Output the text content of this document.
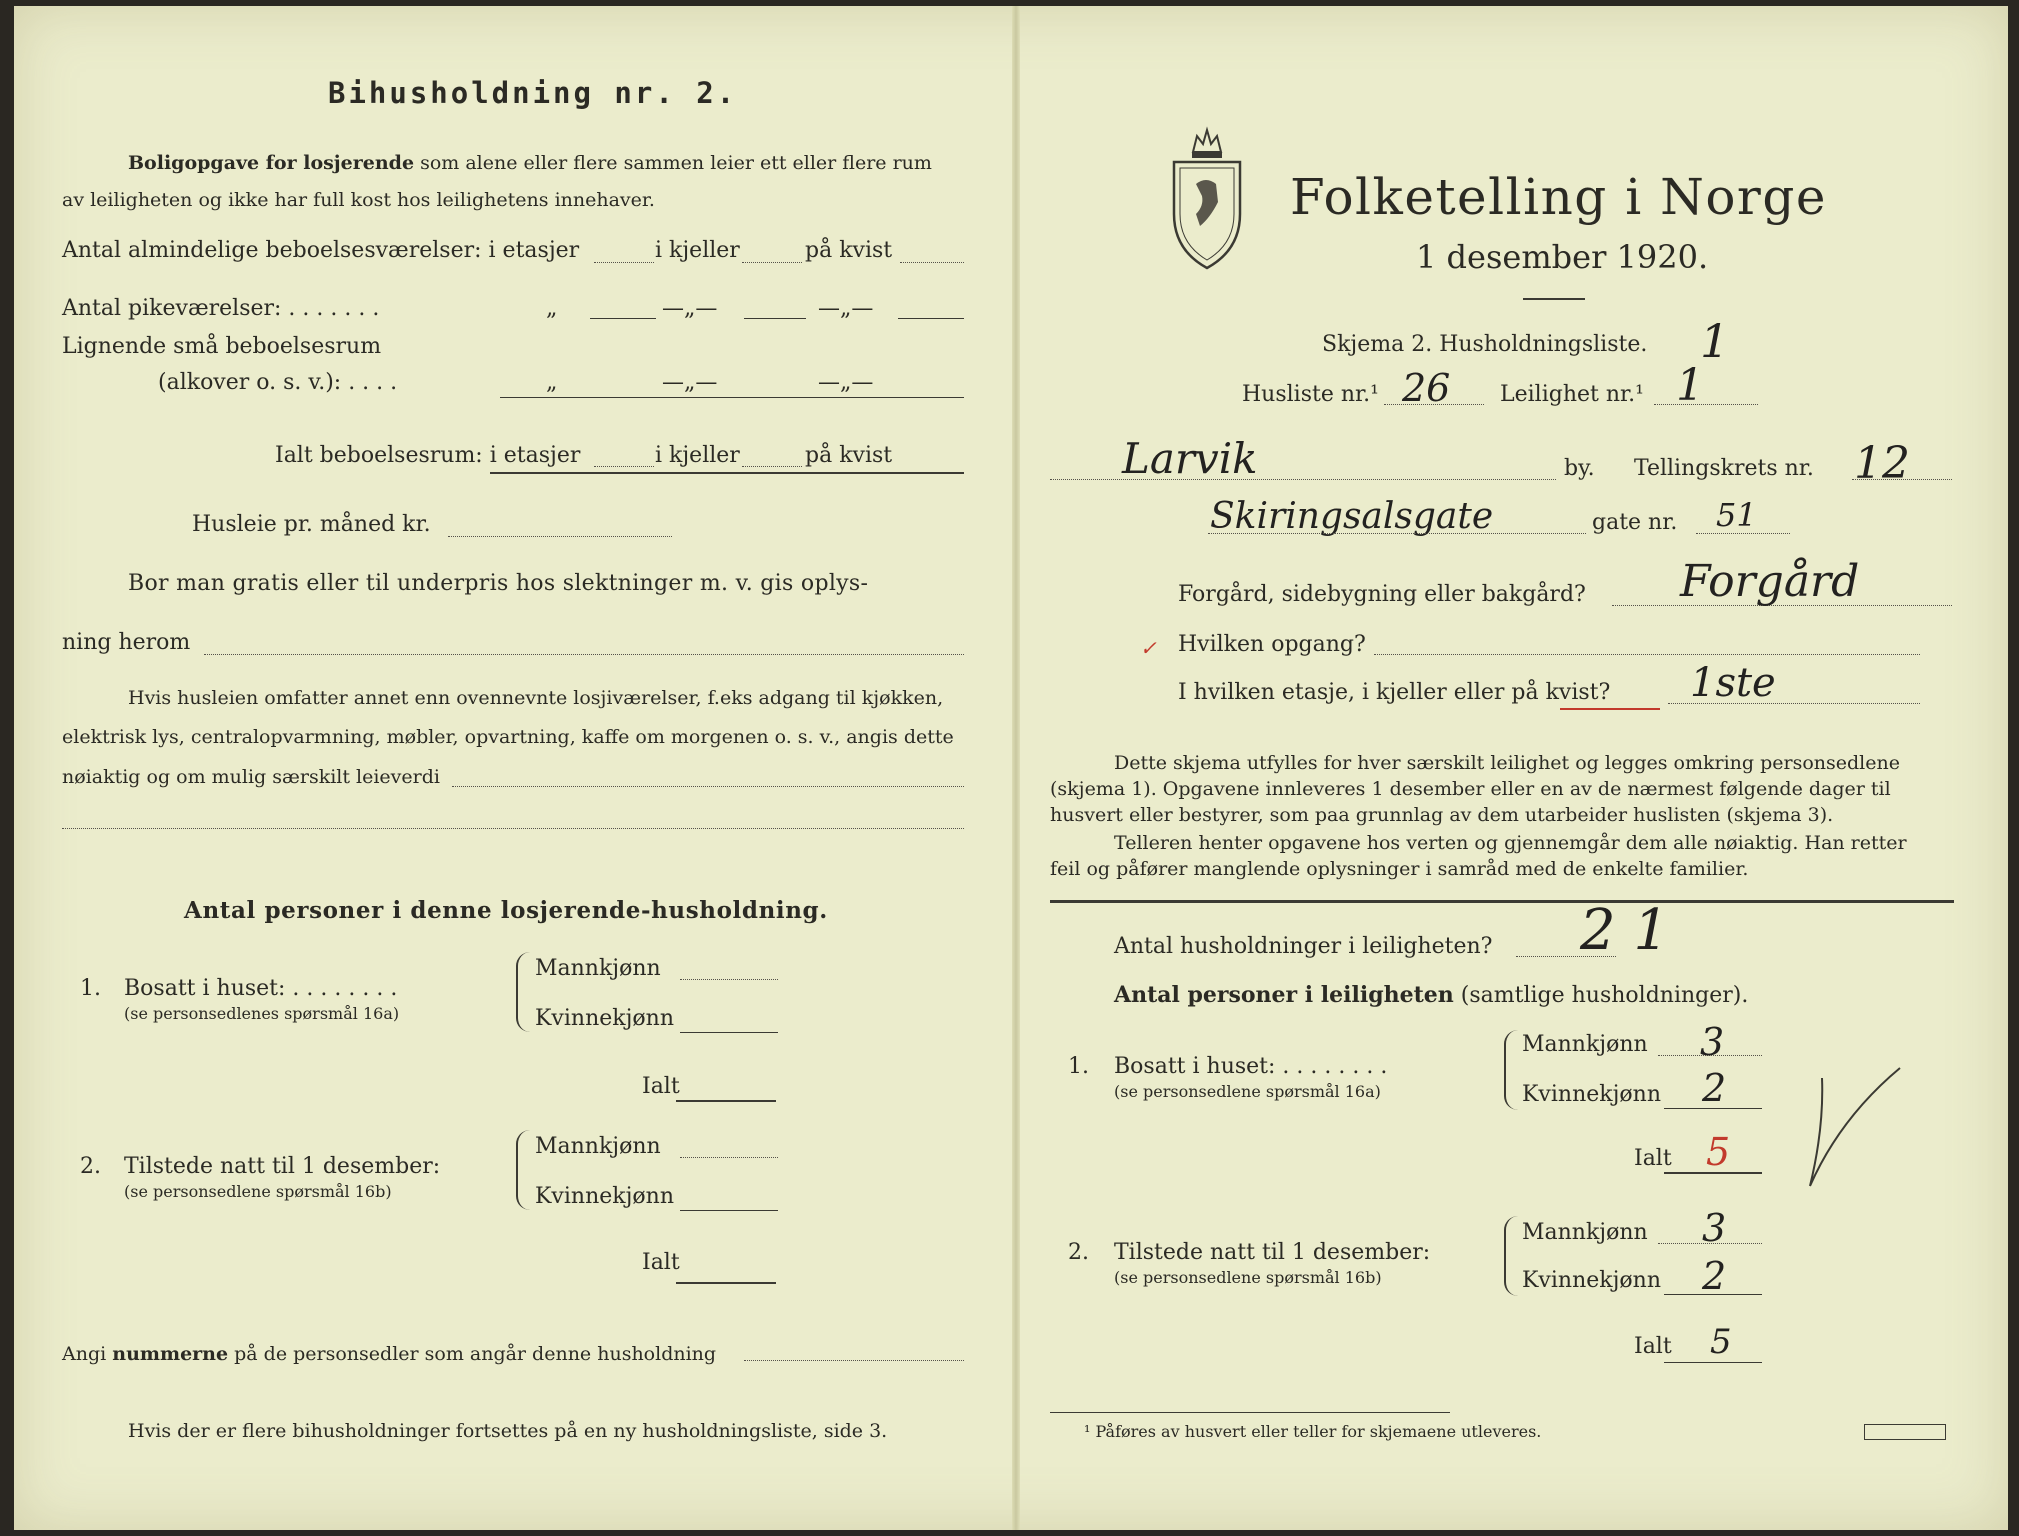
Bihusholdning nr. 2.
Boligopgave for losjerende som alene eller flere sammen leier ett eller flere rum
av leiligheten og ikke har full kost hos leilighetens innehaver.
Antal almindelige beboelsesværelser: i etasjer	i kjeller	på kvist
Antal pikeværelser: . . . . . . .	„	—„—	—„—
Lignende små beboelsesrum
(alkover o. s. v.): . . . .	„	—„—	—„—
Ialt beboelsesrum: i etasjer	i kjeller	på kvist
Husleie pr. måned kr.
Bor man gratis eller til underpris hos slektninger m. v. gis oplys-
ning herom
Hvis husleien omfatter annet enn ovennevnte losjiværelser, f.eks adgang til kjøkken,
elektrisk lys, centralopvarmning, møbler, opvartning, kaffe om morgenen o. s. v., angis dette
nøiaktig og om mulig særskilt leieverdi
Antal personer i denne losjerende-husholdning.
1. Bosatt i huset: . . . . . . . .
(se personsedlenes spørsmål 16a)
Mannkjønn
Kvinnekjønn
Ialt
2. Tilstede natt til 1 desember:
(se personsedlene spørsmål 16b)
Mannkjønn
Kvinnekjønn
Ialt
Angi nummerne på de personsedler som angår denne husholdning
Hvis der er flere bihusholdninger fortsettes på en ny husholdningsliste, side 3.
Folketelling i Norge
1 desember 1920.
Skjema 2. Husholdningsliste. 1
Husliste nr.¹ 26 Leilighet nr.¹ 1
Larvik	by. Tellingskrets nr. 12
Skiringsalsgate	gate nr. 51
Forgård, sidebygning eller bakgård? Forgård
✓ Hvilken opgang?
I hvilken etasje, i kjeller eller på kvist? 1ste
Dette skjema utfylles for hver særskilt leilighet og legges omkring personsedlene
(skjema 1). Opgavene innleveres 1 desember eller en av de nærmest følgende dager til
husvert eller bestyrer, som paa grunnlag av dem utarbeider huslisten (skjema 3).
Telleren henter opgavene hos verten og gjennemgår dem alle nøiaktig. Han retter
feil og påfører manglende oplysninger i samråd med de enkelte familier.
Antal husholdninger i leiligheten? 2 1
Antal personer i leiligheten (samtlige husholdninger).
1. Bosatt i huset: . . . . . . . .
(se personsedlene spørsmål 16a)
Mannkjønn 3
Kvinnekjønn 2
Ialt 5
2. Tilstede natt til 1 desember:
(se personsedlene spørsmål 16b)
Mannkjønn 3
Kvinnekjønn 2
Ialt 5
¹ Påføres av husvert eller teller for skjemaene utleveres.
